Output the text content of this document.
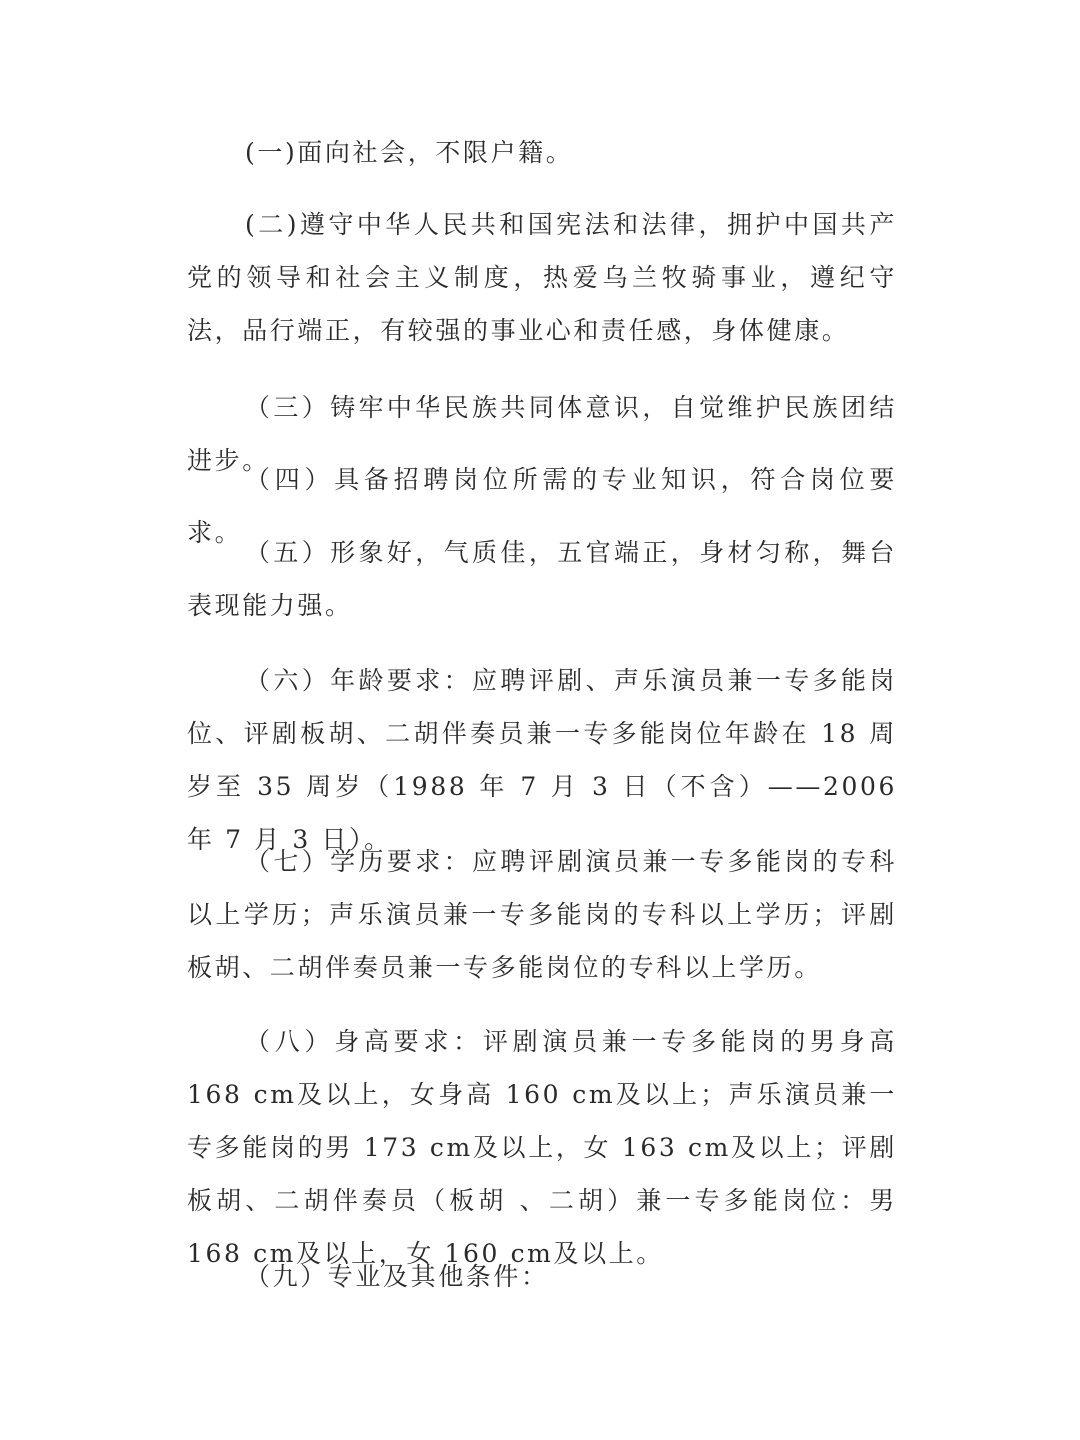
(一)面向社会，不限户籍。

(二)遵守中华人民共和国宪法和法律，拥护中国共产党的领导和社会主义制度，热爱乌兰牧骑事业，遵纪守法，品行端正，有较强的事业心和责任感，身体健康。

（三）铸牢中华民族共同体意识，自觉维护民族团结进步。

（四）具备招聘岗位所需的专业知识，符合岗位要求。

（五）形象好，气质佳，五官端正，身材匀称，舞台表现能力强。

（六）年龄要求：应聘评剧、声乐演员兼一专多能岗位、评剧板胡、二胡伴奏员兼一专多能岗位年龄在 18 周岁至 35 周岁（1988 年 7 月 3 日（不含）——2006 年 7 月 3 日）。

（七）学历要求：应聘评剧演员兼一专多能岗的专科以上学历；声乐演员兼一专多能岗的专科以上学历；评剧板胡、二胡伴奏员兼一专多能岗位的专科以上学历。

（八）身高要求：评剧演员兼一专多能岗的男身高 168 cm及以上，女身高 160 cm及以上；声乐演员兼一专多能岗的男 173 cm及以上，女 163 cm及以上；评剧板胡、二胡伴奏员（板胡 、二胡）兼一专多能岗位：男 168 cm及以上，女 160 cm及以上。

（九）专业及其他条件：
